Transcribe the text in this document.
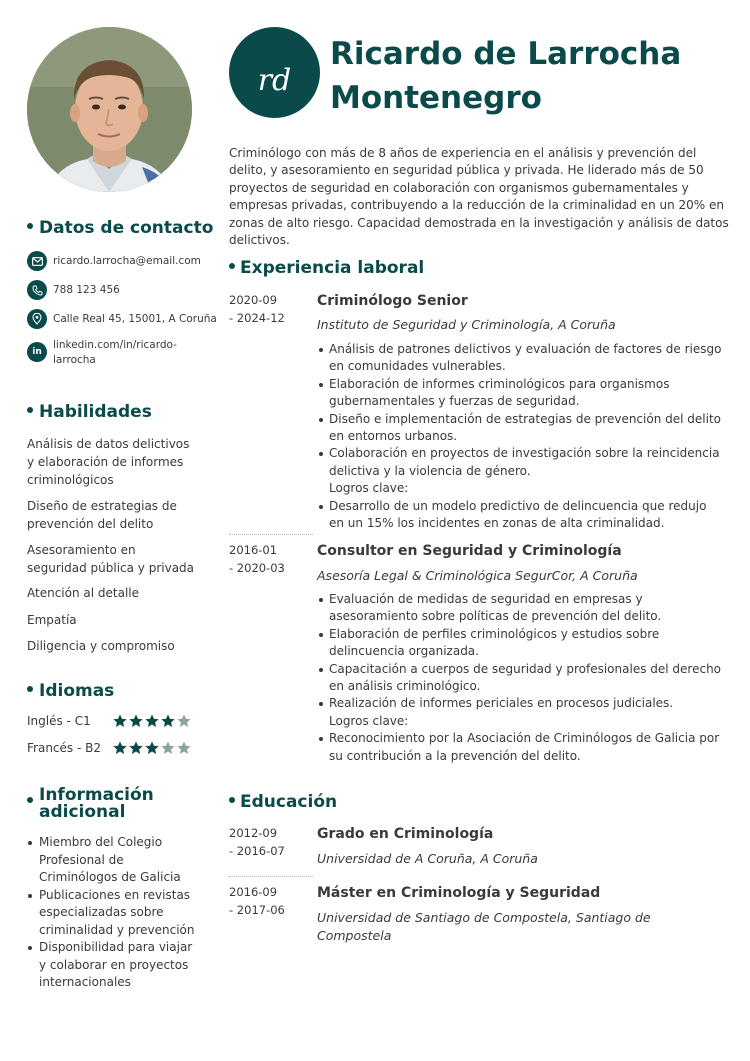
Datos de contacto
ricardo.larrocha@email.com
788 123 456
Calle Real 45, 15001, A Coruña
in
linkedin.com/in/ricardo-
larrocha
Habilidades
Análisis de datos delictivos y elaboración de informes criminológicos
Diseño de estrategias de prevención del delito
Asesoramiento en seguridad pública y privada
Atención al detalle
Empatía
Diligencia y compromiso
Idiomas
Inglés - C1
Francés - B2
Información
adicional
Miembro del Colegio Profesional de Criminólogos de Galicia
Publicaciones en revistas especializadas sobre criminalidad y prevención
Disponibilidad para viajar y colaborar en proyectos internacionales
rd
Ricardo de Larrocha Montenegro
Criminólogo con más de 8 años de experiencia en el análisis y prevención del delito, y asesoramiento en seguridad pública y privada. He liderado más de 50 proyectos de seguridad en colaboración con organismos gubernamentales y empresas privadas, contribuyendo a la reducción de la criminalidad en un 20% en zonas de alto riesgo. Capacidad demostrada en la investigación y análisis de datos delictivos.
Experiencia laboral
2020-09
- 2024-12
Criminólogo Senior
Instituto de Seguridad y Criminología, A Coruña
Análisis de patrones delictivos y evaluación de factores de riesgo en comunidades vulnerables.
Elaboración de informes criminológicos para organismos gubernamentales y fuerzas de seguridad.
Diseño e implementación de estrategias de prevención del delito en entornos urbanos.
Colaboración en proyectos de investigación sobre la reincidencia delictiva y la violencia de género.
Logros clave:
Desarrollo de un modelo predictivo de delincuencia que redujo en un 15% los incidentes en zonas de alta criminalidad.
2016-01
- 2020-03
Consultor en Seguridad y Criminología
Asesoría Legal & Criminológica SegurCor, A Coruña
Evaluación de medidas de seguridad en empresas y asesoramiento sobre políticas de prevención del delito.
Elaboración de perfiles criminológicos y estudios sobre delincuencia organizada.
Capacitación a cuerpos de seguridad y profesionales del derecho en análisis criminológico.
Realización de informes periciales en procesos judiciales.
Logros clave:
Reconocimiento por la Asociación de Criminólogos de Galicia por su contribución a la prevención del delito.
Educación
2012-09
- 2016-07
Grado en Criminología
Universidad de A Coruña, A Coruña
2016-09
- 2017-06
Máster en Criminología y Seguridad
Universidad de Santiago de Compostela, Santiago de Compostela
